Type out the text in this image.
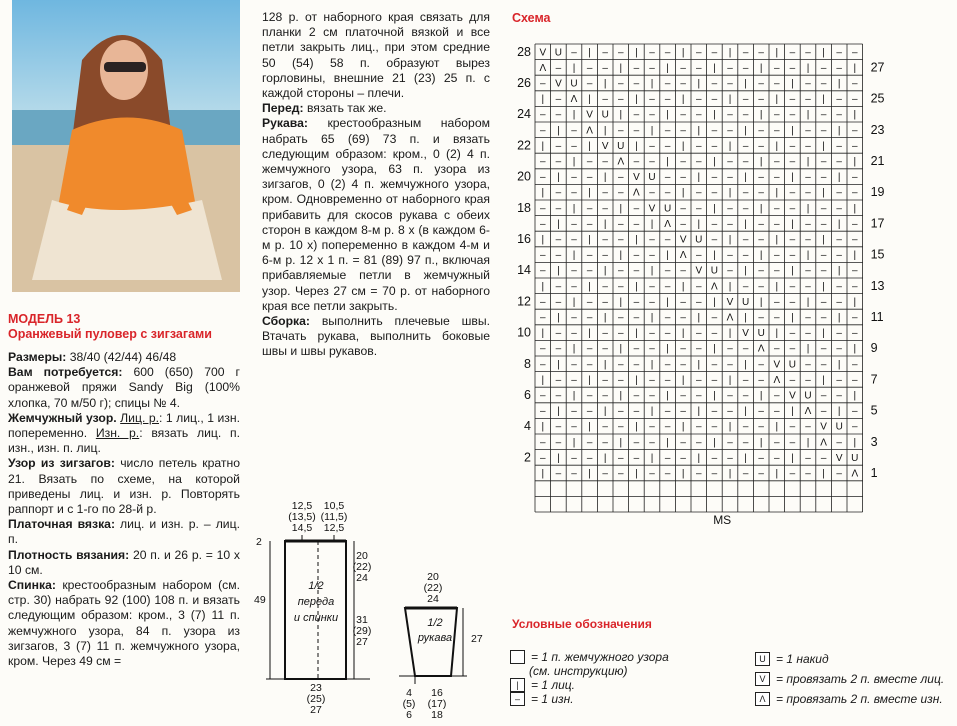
МОДЕЛЬ 13
Оранжевый пуловер с зигзагами

Размеры: 38/40 (42/44) 46/48

Вам потребуется: 600 (650) 700 г оранжевой пряжи Sandy Big (100% хлопка, 70 м/50 г); спицы № 4.

Жемчужный узор. Лиц. р.: 1 лиц., 1 изн. попеременно. Изн. р.: вязать лиц. п. изн., изн. п. лиц.

Узор из зигзагов: число петель кратно 21. Вязать по схеме, на которой приведены лиц. и изн. р. Повторять раппорт и с 1-го по 28-й р.

Платочная вязка: лиц. и изн. р. – лиц. п.

Плотность вязания: 20 п. и 26 р. = 10 х 10 см.

Спинка: крестообразным набором (см. стр. 30) набрать 92 (100) 108 п. и вязать следующим образом: кром., 3 (7) 11 п. жемчужного узора, 84 п. узора из зигзагов, 3 (7) 11 п. жемчужного узора, кром. Через 49 см =

128 р. от наборного края связать для планки 2 см платочной вязкой и все петли закрыть лиц., при этом средние 50 (54) 58 п. образуют вырез горловины, внешние 21 (23) 25 п. с каждой стороны – плечи.

Перед: вязать так же.

Рукава: крестообразным набором набрать 65 (69) 73 п. и вязать следующим образом: кром., 0 (2) 4 п. жемчужного узора, 63 п. узора из зигзагов, 0 (2) 4 п. жемчужного узора, кром. Одновременно от наборного края прибавить для скосов рукава с обеих сторон в каждом 8-м р. 8 х (в каждом 6-м р. 10 х) попеременно в каждом 4-м и 6-м р. 12 х 1 п. = 81 (89) 97 п., включая прибавляемые петли в жемчужный узор. Через 27 см = 70 р. от наборного края все петли закрыть.

Сборка: выполнить плечевые швы. Втачать рукава, выполнить боковые швы и швы рукавов.

12,5
(13,5)
14,5
10,5
(11,5)
12,5
2
49
20
(22)
24
31
(29)
27
1/2
переда
и спинки
23
(25)
27
20
(22)
24
1/2
рукава 27
4
(5)
6
16
(17)
18
Схема
V U – | – – | – – | – – | – – | – – | – –
Λ – | – – | – – | – – | – – | – – | – – |
– V U – | – – | – – | – – | – – | – – | –
| – Λ | – – | – – | – – | – – | – – | – –
– – | V U | – – | – – | – – | – – | – – |
– | – Λ | – – | – – | – – | – – | – – | –
| – – | V U | – – | – – | – – | – – | – –
– – | – – Λ – – | – – | – – | – – | – – |
– | – – | – V U – – | – – | – – | – – | –
| – – | – – Λ – – | – – | – – | – – | – –
– – | – – | – V U – – | – – | – – | – – |
– | – – | – – | Λ – | – – | – – | – – | –
| – – | – – | – – V U – | – – | – – | – –
– – | – – | – – | Λ – | – – | – – | – – |
– | – – | – – | – – V U – | – – | – – | –
| – – | – – | – – | – Λ | – – | – – | – –
– – | – – | – – | – – | V U | – – | – – |
– | – – | – – | – – | – Λ | – – | – – | –
| – – | – – | – – | – – | V U | – – | – –
– – | – – | – – | – – | – – Λ – – | – – |
– | – – | – – | – – | – – | – V U – – | –
| – – | – – | – – | – – | – – Λ – – | – –
– – | – – | – – | – – | – – | – V U – – |
– | – – | – – | – – | – – | – – | Λ – | –
| – – | – – | – – | – – | – – | – – V U –
– – | – – | – – | – – | – – | – – | Λ – |
– | – – | – – | – – | – – | – – | – – V U
| – – | – – | – – | – – | – – | – – | – Λ
28
26
24
22
20
18
16
14
12
10
8
6
4
2
27
25
23
21
19
17
15
13
11
9
7
5
3
1
MS
Условные обозначения
= 1 п. жемчужного узора
(см. инструкцию)
|	= 1 лиц.
– = 1 изн.
U = 1 накид
V = провязать 2 п. вместе лиц.
Λ = провязать 2 п. вместе изн.
